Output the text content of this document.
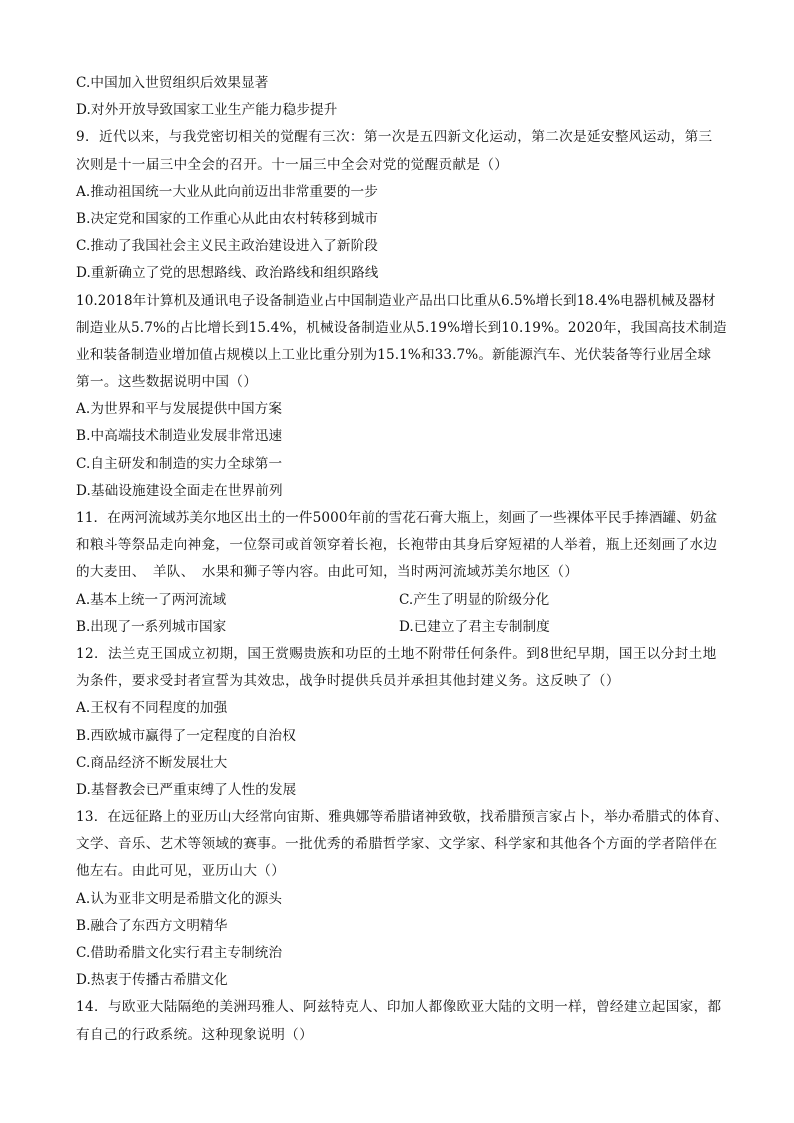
C.中国加入世贸组织后效果显著
D.对外开放导致国家工业生产能力稳步提升
9．近代以来，与我党密切相关的觉醒有三次：第一次是五四新文化运动，第二次是延安整风运动，第三
次则是十一届三中全会的召开。十一届三中全会对党的觉醒贡献是（）
A.推动祖国统一大业从此向前迈出非常重要的一步
B.决定党和国家的工作重心从此由农村转移到城市
C.推动了我国社会主义民主政治建设进入了新阶段
D.重新确立了党的思想路线、政治路线和组织路线
10.2018年计算机及通讯电子设备制造业占中国制造业产品出口比重从6.5%增长到18.4%电器机械及器材
制造业从5.7%的占比增长到15.4%，机械设备制造业从5.19%增长到10.19%。2020年，我国高技术制造
业和装备制造业增加值占规模以上工业比重分别为15.1%和33.7%。新能源汽车、光伏装备等行业居全球
第一。这些数据说明中国（）
A.为世界和平与发展提供中国方案
B.中高端技术制造业发展非常迅速
C.自主研发和制造的实力全球第一
D.基础设施建设全面走在世界前列
11．在两河流域苏美尔地区出土的一件5000年前的雪花石膏大瓶上，刻画了一些裸体平民手捧酒罐、奶盆
和粮斗等祭品走向神龛，一位祭司或首领穿着长袍，长袍带由其身后穿短裙的人举着，瓶上还刻画了水边
的大麦田、　羊队、　水果和狮子等内容。由此可知，当时两河流域苏美尔地区（）
A.基本上统一了两河流域	C.产生了明显的阶级分化
B.出现了一系列城市国家	D.已建立了君主专制制度
12．法兰克王国成立初期，国王赏赐贵族和功臣的土地不附带任何条件。到8世纪早期，国王以分封土地
为条件，要求受封者宣誓为其效忠，战争时提供兵员并承担其他封建义务。这反映了（）
A.王权有不同程度的加强
B.西欧城市赢得了一定程度的自治权
C.商品经济不断发展壮大
D.基督教会已严重束缚了人性的发展
13．在远征路上的亚历山大经常向宙斯、雅典娜等希腊诸神致敬，找希腊预言家占卜，举办希腊式的体育、
文学、音乐、艺术等领域的赛事。一批优秀的希腊哲学家、文学家、科学家和其他各个方面的学者陪伴在
他左右。由此可见，亚历山大（）
A.认为亚非文明是希腊文化的源头
B.融合了东西方文明精华
C.借助希腊文化实行君主专制统治
D.热衷于传播古希腊文化
14．与欧亚大陆隔绝的美洲玛雅人、阿兹特克人、印加人都像欧亚大陆的文明一样，曾经建立起国家，都
有自己的行政系统。这种现象说明（）
